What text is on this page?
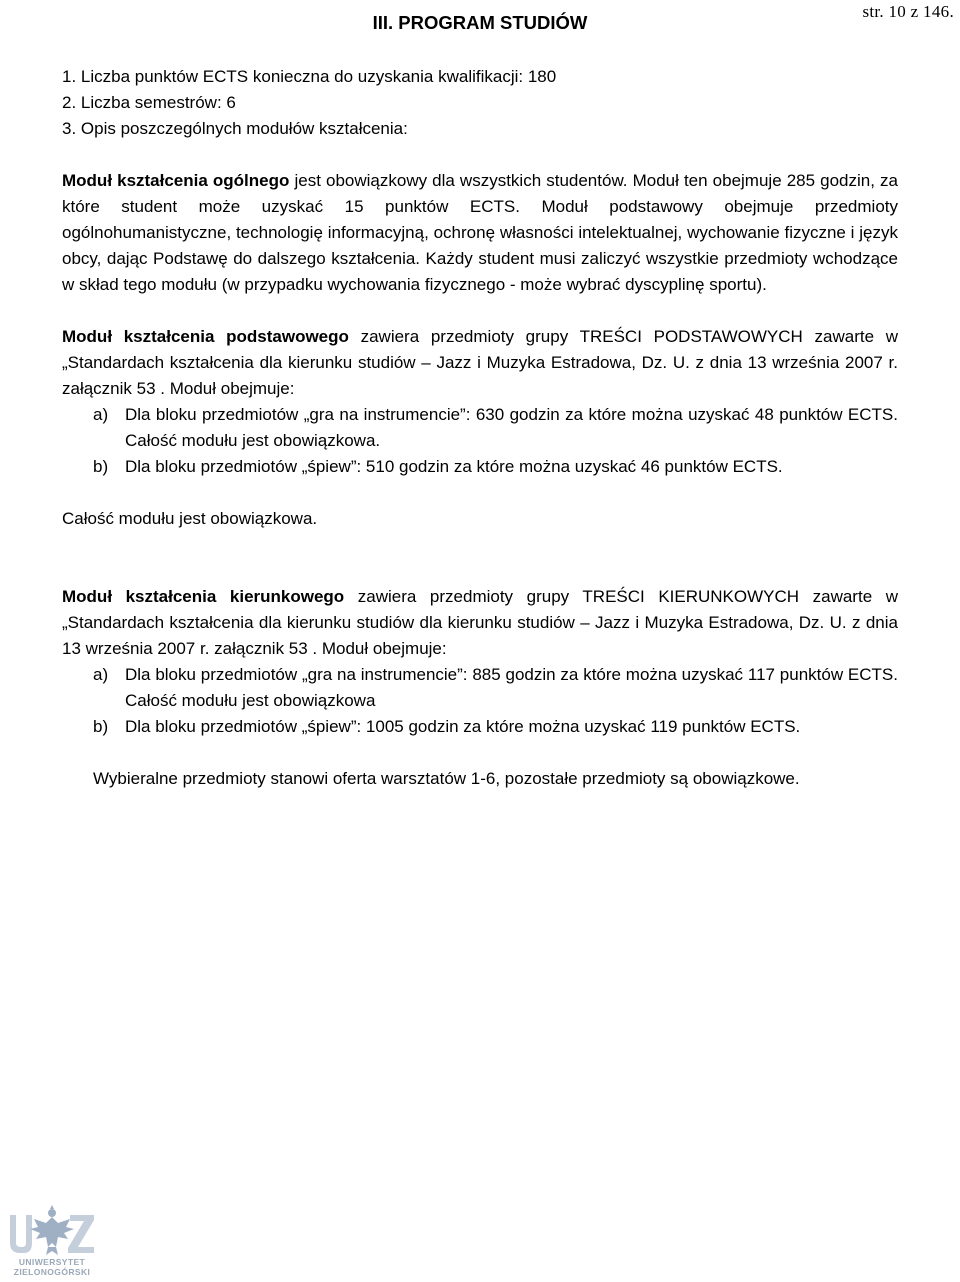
str. 10 z 146.
III. PROGRAM STUDIÓW

1. Liczba punktów ECTS konieczna do uzyskania kwalifikacji: 180

2. Liczba semestrów: 6

3. Opis poszczególnych modułów kształcenia:

Moduł kształcenia ogólnego jest obowiązkowy dla wszystkich studentów. Moduł ten obejmuje 285 godzin, za które student może uzyskać 15 punktów ECTS. Moduł podstawowy obejmuje przedmioty ogólnohumanistyczne, technologię informacyjną, ochronę własności intelektualnej, wychowanie fizyczne i język obcy, dając Podstawę do dalszego kształcenia. Każdy student musi zaliczyć wszystkie przedmioty wchodzące w skład tego modułu (w przypadku wychowania fizycznego - może wybrać dyscyplinę sportu).

Moduł kształcenia podstawowego zawiera przedmioty grupy TREŚCI PODSTAWOWYCH zawarte w „Standardach kształcenia dla kierunku studiów – Jazz i Muzyka Estradowa, Dz. U. z dnia 13 września 2007 r. załącznik 53 . Moduł obejmuje:

a) Dla bloku przedmiotów „gra na instrumencie”: 630 godzin za które można uzyskać 48 punktów ECTS. Całość modułu jest obowiązkowa.
b) Dla bloku przedmiotów „śpiew”: 510 godzin za które można uzyskać 46 punktów ECTS.

Całość modułu jest obowiązkowa.

Moduł kształcenia kierunkowego zawiera przedmioty grupy TREŚCI KIERUNKOWYCH zawarte w „Standardach kształcenia dla kierunku studiów dla kierunku studiów – Jazz i Muzyka Estradowa, Dz. U. z dnia 13 września 2007 r. załącznik 53 . Moduł obejmuje:

a) Dla bloku przedmiotów „gra na instrumencie”: 885 godzin za które można uzyskać 117 punktów ECTS. Całość modułu jest obowiązkowa
b) Dla bloku przedmiotów „śpiew”: 1005 godzin za które można uzyskać 119 punktów ECTS.

Wybieralne przedmioty stanowi oferta warsztatów 1-6, pozostałe przedmioty są obowiązkowe.

UNIWERSYTET
ZIELONOGÓRSKI
